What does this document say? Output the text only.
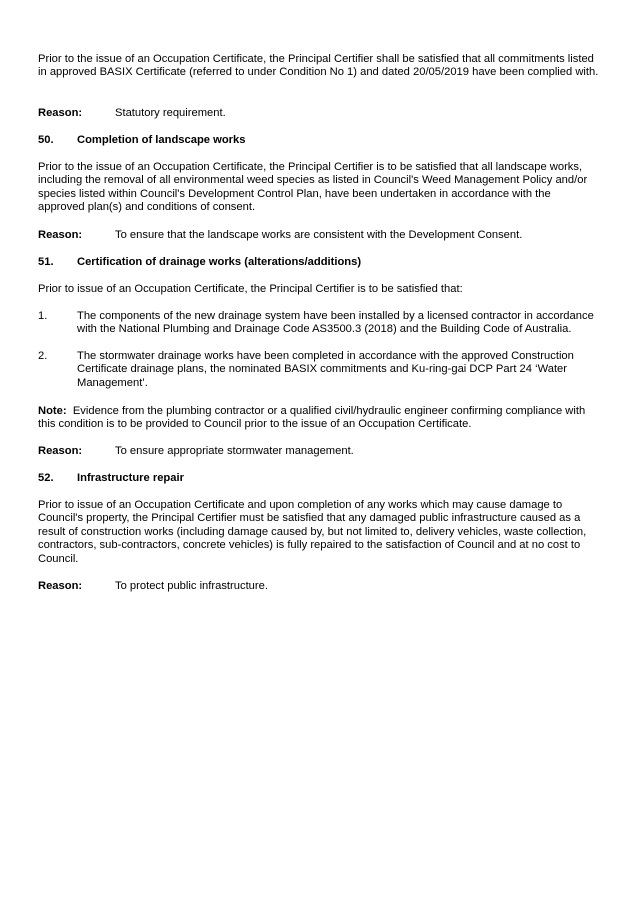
Prior to the issue of an Occupation Certificate, the Principal Certifier shall be satisfied that all commitments listed in approved BASIX Certificate (referred to under Condition No 1) and dated 20/05/2019 have been complied with.

Reason:	Statutory requirement.

50. Completion of landscape works

Prior to the issue of an Occupation Certificate, the Principal Certifier is to be satisfied that all landscape works, including the removal of all environmental weed species as listed in Council's Weed Management Policy and/or species listed within Council's Development Control Plan, have been undertaken in accordance with the approved plan(s) and conditions of consent.

Reason:	To ensure that the landscape works are consistent with the Development Consent.

51. Certification of drainage works (alterations/additions)

Prior to issue of an Occupation Certificate, the Principal Certifier is to be satisfied that:

1.	The components of the new drainage system have been installed by a licensed contractor in accordance with the National Plumbing and Drainage Code AS3500.3 (2018) and the Building Code of Australia.
2.	The stormwater drainage works have been completed in accordance with the approved Construction Certificate drainage plans, the nominated BASIX commitments and Ku-ring-gai DCP Part 24 ‘Water Management’.

Note: Evidence from the plumbing contractor or a qualified civil/hydraulic engineer confirming compliance with this condition is to be provided to Council prior to the issue of an Occupation Certificate.

Reason:	To ensure appropriate stormwater management.

52. Infrastructure repair

Prior to issue of an Occupation Certificate and upon completion of any works which may cause damage to Council's property, the Principal Certifier must be satisfied that any damaged public infrastructure caused as a result of construction works (including damage caused by, but not limited to, delivery vehicles, waste collection, contractors, sub-contractors, concrete vehicles) is fully repaired to the satisfaction of Council and at no cost to Council.

Reason:	To protect public infrastructure.
